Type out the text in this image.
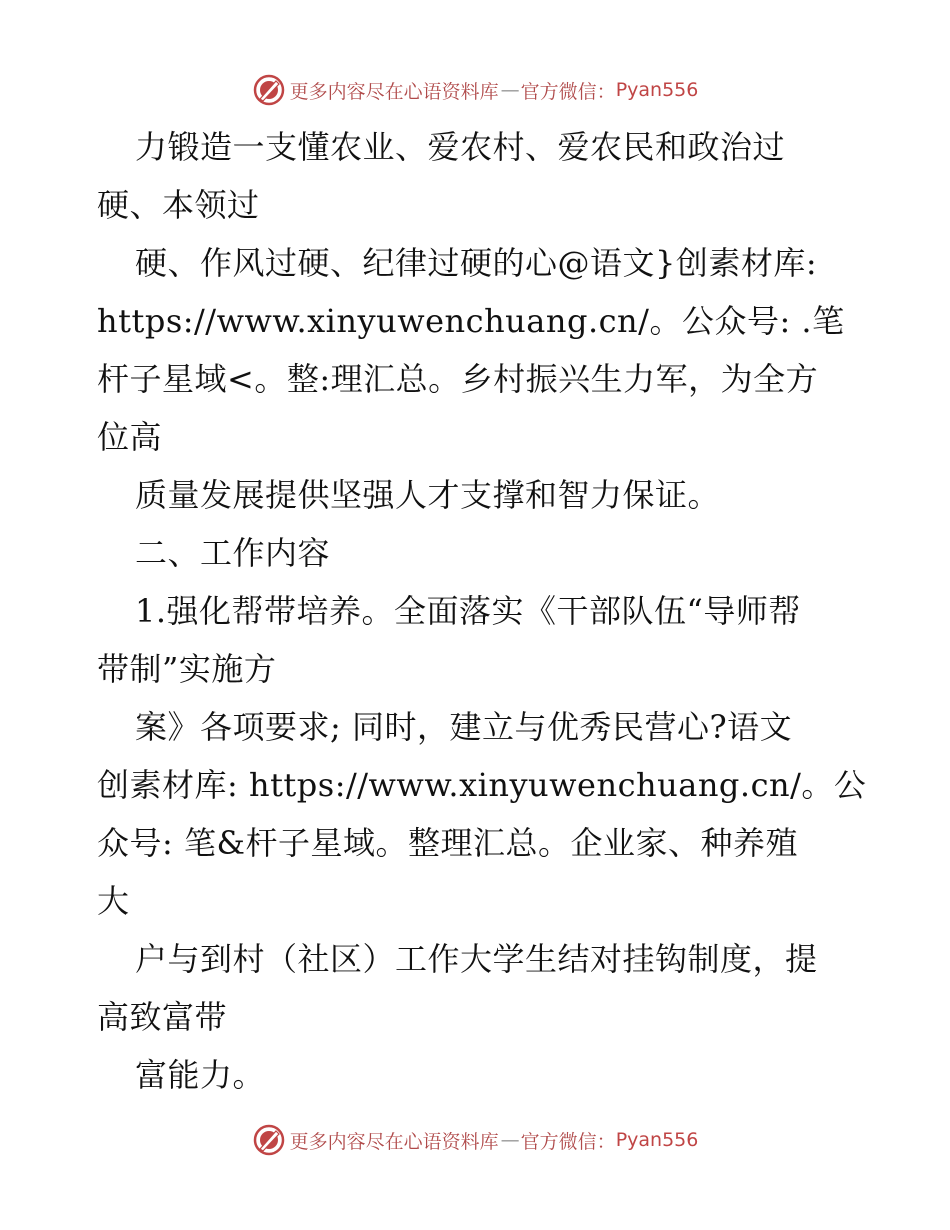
更多内容尽在心语资料库 — 官方微信： Pyan556
力锻造一支懂农业、爱农村、爱农民和政治过
硬、本领过
硬、作风过硬、纪律过硬的心@语文}创素材库:
https://www.xinyuwenchuang.cn/。公众号: .笔
杆子星域<。整:理汇总。乡村振兴生力军，为全方
位高
质量发展提供坚强人才支撑和智力保证。
二、工作内容
1.强化帮带培养。全面落实《干部队伍“导师帮
带制”实施方
案》各项要求; 同时，建立与优秀民营心?语文
创素材库: https://www.xinyuwenchuang.cn/。公
众号: 笔&杆子星域。整理汇总。企业家、种养殖
大
户与到村（社区）工作大学生结对挂钩制度，提
高致富带
富能力。
更多内容尽在心语资料库 — 官方微信： Pyan556
